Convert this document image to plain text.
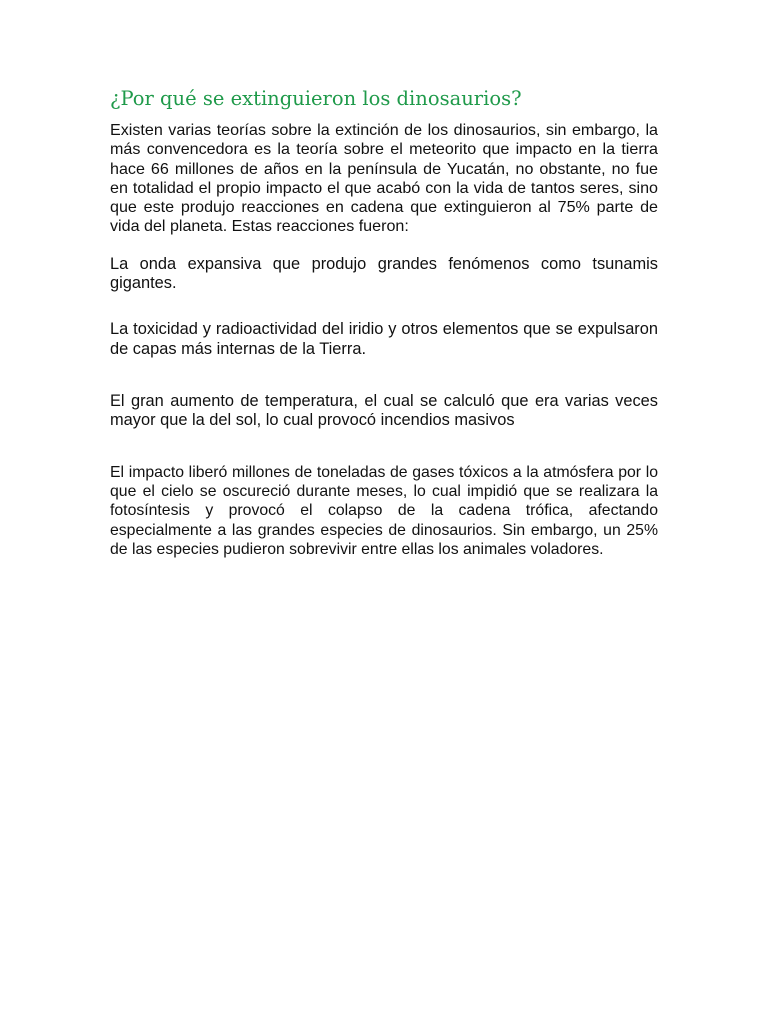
¿Por qué se extinguieron los dinosaurios?

Existen varias teorías sobre la extinción de los dinosaurios, sin embargo, la más convencedora es la teoría sobre el meteorito que impacto en la tierra hace 66 millones de años en la península de Yucatán, no obstante, no fue en totalidad el propio impacto el que acabó con la vida de tantos seres, sino que este produjo reacciones en cadena que extinguieron al 75% parte de vida del planeta. Estas reacciones fueron:

La onda expansiva que produjo grandes fenómenos como tsunamis gigantes.

La toxicidad y radioactividad del iridio y otros elementos que se expulsaron de capas más internas de la Tierra.

El gran aumento de temperatura, el cual se calculó que era varias veces mayor que la del sol, lo cual provocó incendios masivos

El impacto liberó millones de toneladas de gases tóxicos a la atmósfera por lo que el cielo se oscureció durante meses, lo cual impidió que se realizara la fotosíntesis y provocó el colapso de la cadena trófica, afectando especialmente a las grandes especies de dinosaurios. Sin embargo, un 25% de las especies pudieron sobrevivir entre ellas los animales voladores.
